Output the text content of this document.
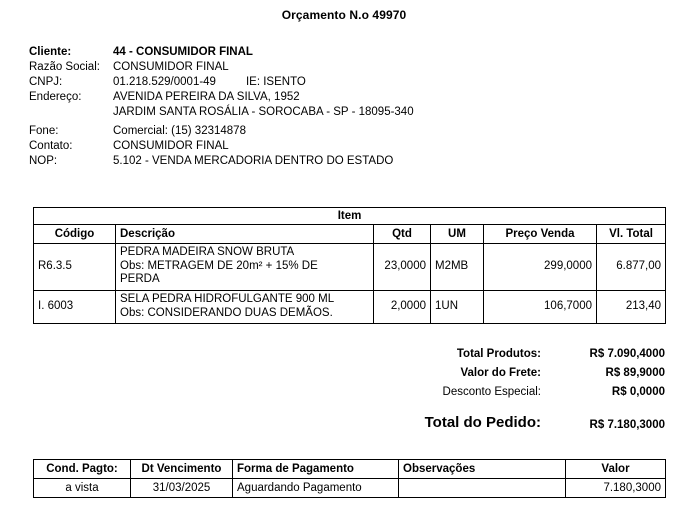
Orçamento N.o 49970
Cliente:	44 - CONSUMIDOR FINAL
Razão Social:	CONSUMIDOR FINAL
CNPJ:	01.218.529/0001-49	IE: ISENTO
Endereço:	AVENIDA PEREIRA DA SILVA, 1952
JARDIM SANTA ROSÁLIA - SOROCABA - SP - 18095-340
Fone:	Comercial: (15) 32314878
Contato:	CONSUMIDOR FINAL
NOP:	5.102 - VENDA MERCADORIA DENTRO DO ESTADO
Item					
Código	Descrição	Qtd	UM	Preço Venda	Vl. Total
R6.3.5	PEDRA MADEIRA SNOW BRUTA
Obs: METRAGEM DE 20m² + 15% DE
PERDA	23,0000	M2MB	299,0000	6.877,00
I. 6003	SELA PEDRA HIDROFULGANTE 900 ML
Obs: CONSIDERANDO DUAS DEMÃOS.	2,0000	1UN	106,7000	213,40
Total Produtos:	R$ 7.090,4000
Valor do Frete:	R$ 89,9000
Desconto Especial:	R$ 0,0000
Total do Pedido:	R$ 7.180,3000
Cond. Pagto:	Dt Vencimento	Forma de Pagamento	Observações	Valor
a vista	31/03/2025	Aguardando Pagamento		7.180,3000
